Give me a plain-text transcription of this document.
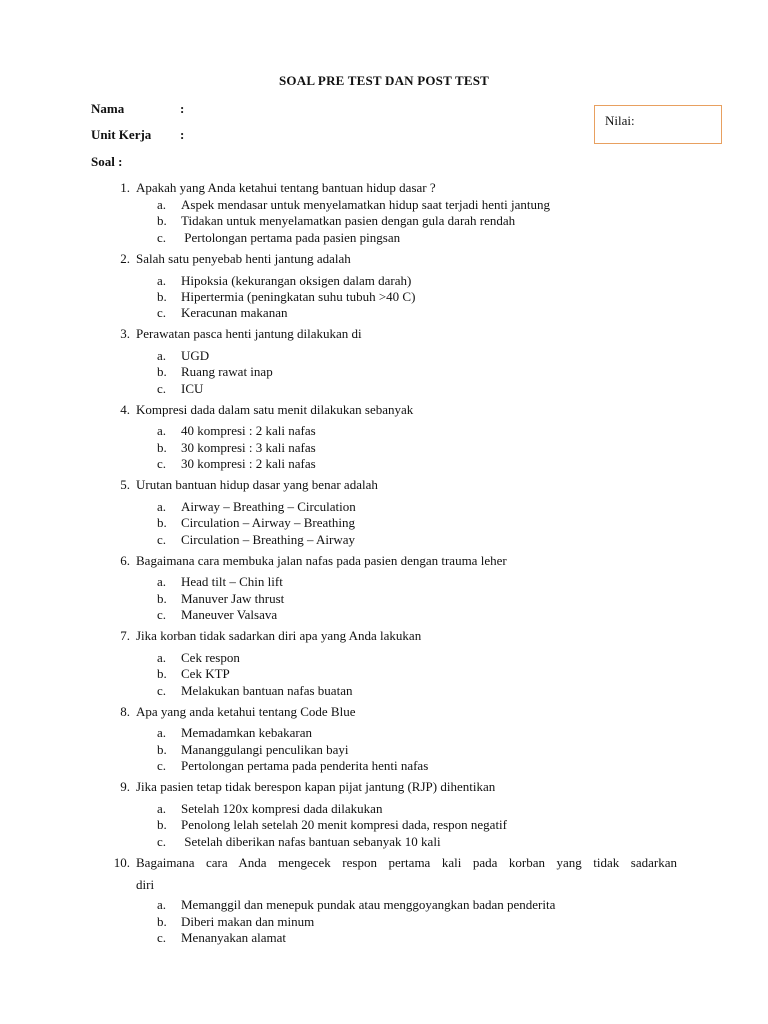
SOAL PRE TEST DAN POST TEST
Nama	:
Unit Kerja :
Soal :
Nilai:
1. Apakah yang Anda ketahui tentang bantuan hidup dasar ?
a. Aspek mendasar untuk menyelamatkan hidup saat terjadi henti jantung
b. Tidakan untuk menyelamatkan pasien dengan gula darah rendah
c. Pertolongan pertama pada pasien pingsan
2. Salah satu penyebab henti jantung adalah
a. Hipoksia (kekurangan oksigen dalam darah)
b. Hipertermia (peningkatan suhu tubuh >40 C)
c. Keracunan makanan
3. Perawatan pasca henti jantung dilakukan di
a. UGD
b. Ruang rawat inap
c. ICU
4. Kompresi dada dalam satu menit dilakukan sebanyak
a. 40 kompresi : 2 kali nafas
b. 30 kompresi : 3 kali nafas
c. 30 kompresi : 2 kali nafas
5. Urutan bantuan hidup dasar yang benar adalah
a. Airway – Breathing – Circulation
b. Circulation – Airway – Breathing
c. Circulation – Breathing – Airway
6. Bagaimana cara membuka jalan nafas pada pasien dengan trauma leher
a. Head tilt – Chin lift
b. Manuver Jaw thrust
c. Maneuver Valsava
7. Jika korban tidak sadarkan diri apa yang Anda lakukan
a. Cek respon
b. Cek KTP
c. Melakukan bantuan nafas buatan
8. Apa yang anda ketahui tentang Code Blue
a. Memadamkan kebakaran
b. Mananggulangi penculikan bayi
c. Pertolongan pertama pada penderita henti nafas
9. Jika pasien tetap tidak berespon kapan pijat jantung (RJP) dihentikan
a. Setelah 120x kompresi dada dilakukan
b. Penolong lelah setelah 20 menit kompresi dada, respon negatif
c. Setelah diberikan nafas bantuan sebanyak 10 kali
10. Bagaimana cara Anda mengecek respon pertama kali pada korban yang tidak sadarkan
diri
a. Memanggil dan menepuk pundak atau menggoyangkan badan penderita
b. Diberi makan dan minum
c. Menanyakan alamat
